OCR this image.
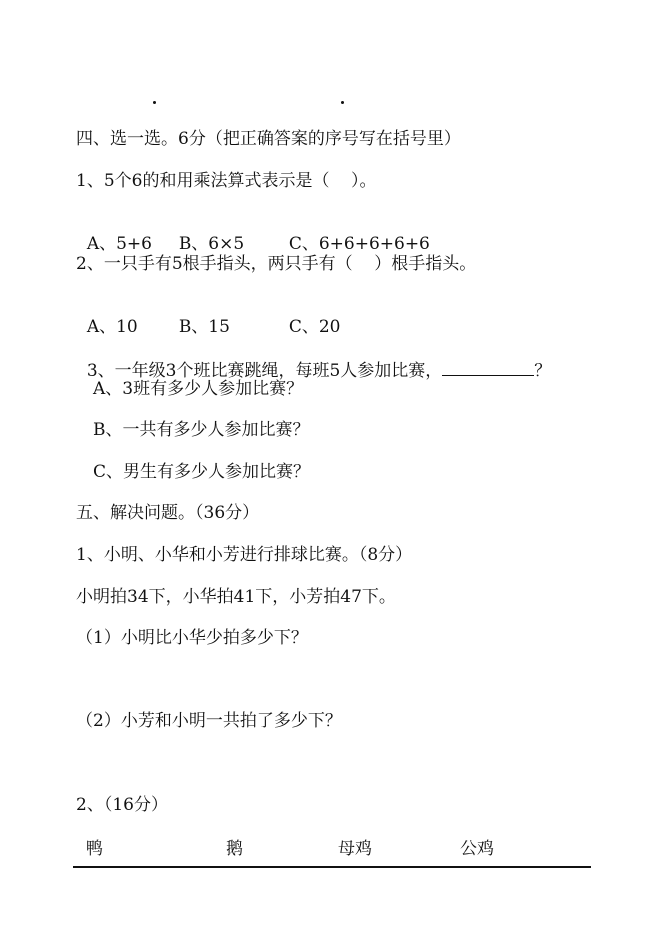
四、选一选。6分（把正确答案的序号写在括号里）
1、5个6的和用乘法算式表示是（    ）。

A、5+6 B、6×5	C、6+6+6+6+6

2、一只手有5根手指头，两只手有（    ）根手指头。

A、10 B、15	C、20

3、一年级3个班比赛跳绳，每班5人参加比赛，	？

A、3班有多少人参加比赛？
B、一共有多少人参加比赛？
C、男生有多少人参加比赛？
五、解决问题。（36分）
1、小明、小华和小芳进行排球比赛。（8分）
小明拍34下，小华拍41下，小芳拍47下。
（1）小明比小华少拍多少下？
（2）小芳和小明一共拍了多少下？
2、（16分）
鸭	鹅	母鸡	公鸡
